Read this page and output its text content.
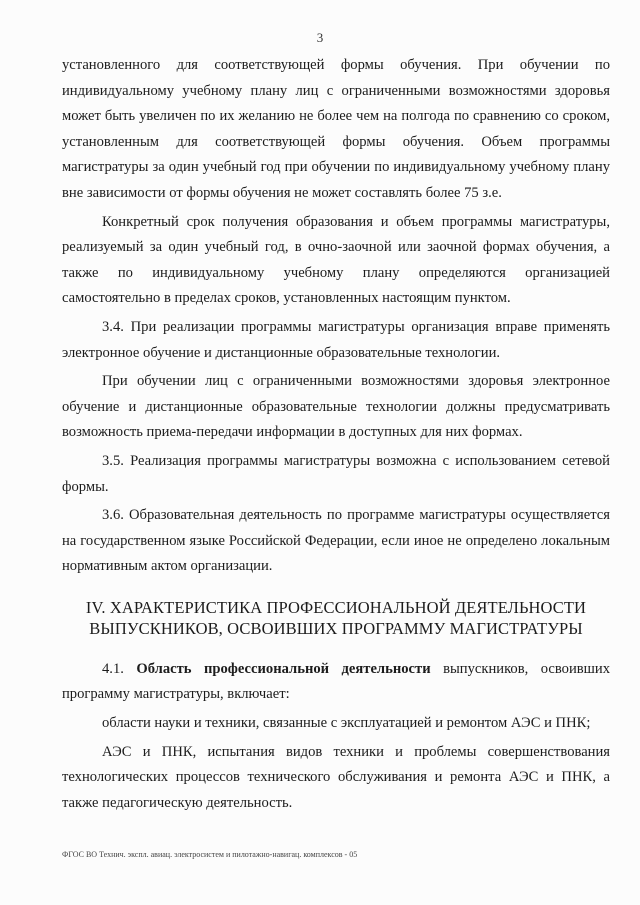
3

установленного для соответствующей формы обучения. При обучении по индивидуальному учебному плану лиц с ограниченными возможностями здоровья может быть увеличен по их желанию не более чем на полгода по сравнению со сроком, установленным для соответствующей формы обучения. Объем программы магистратуры за один учебный год при обучении по индивидуальному учебному плану вне зависимости от формы обучения не может составлять более 75 з.е.

Конкретный срок получения образования и объем программы магистратуры, реализуемый за один учебный год, в очно-заочной или заочной формах обучения, а также по индивидуальному учебному плану определяются организацией самостоятельно в пределах сроков, установленных настоящим пунктом.

3.4. При реализации программы магистратуры организация вправе применять электронное обучение и дистанционные образовательные технологии.

При обучении лиц с ограниченными возможностями здоровья электронное обучение и дистанционные образовательные технологии должны предусматривать возможность приема-передачи информации в доступных для них формах.

3.5. Реализация программы магистратуры возможна с использованием сетевой формы.

3.6. Образовательная деятельность по программе магистратуры осуществляется на государственном языке Российской Федерации, если иное не определено локальным нормативным актом организации.

IV. ХАРАКТЕРИСТИКА ПРОФЕССИОНАЛЬНОЙ ДЕЯТЕЛЬНОСТИ
ВЫПУСКНИКОВ, ОСВОИВШИХ ПРОГРАММУ МАГИСТРАТУРЫ

4.1. Область профессиональной деятельности выпускников, освоивших программу магистратуры, включает:

области науки и техники, связанные с эксплуатацией и ремонтом АЭС и ПНК;

АЭС и ПНК, испытания видов техники и проблемы совершенствования технологических процессов технического обслуживания и ремонта АЭС и ПНК, а также педагогическую деятельность.

ФГОС ВО Технич. экспл. авиац. электросистем и пилотажно-навигац. комплексов - 05
